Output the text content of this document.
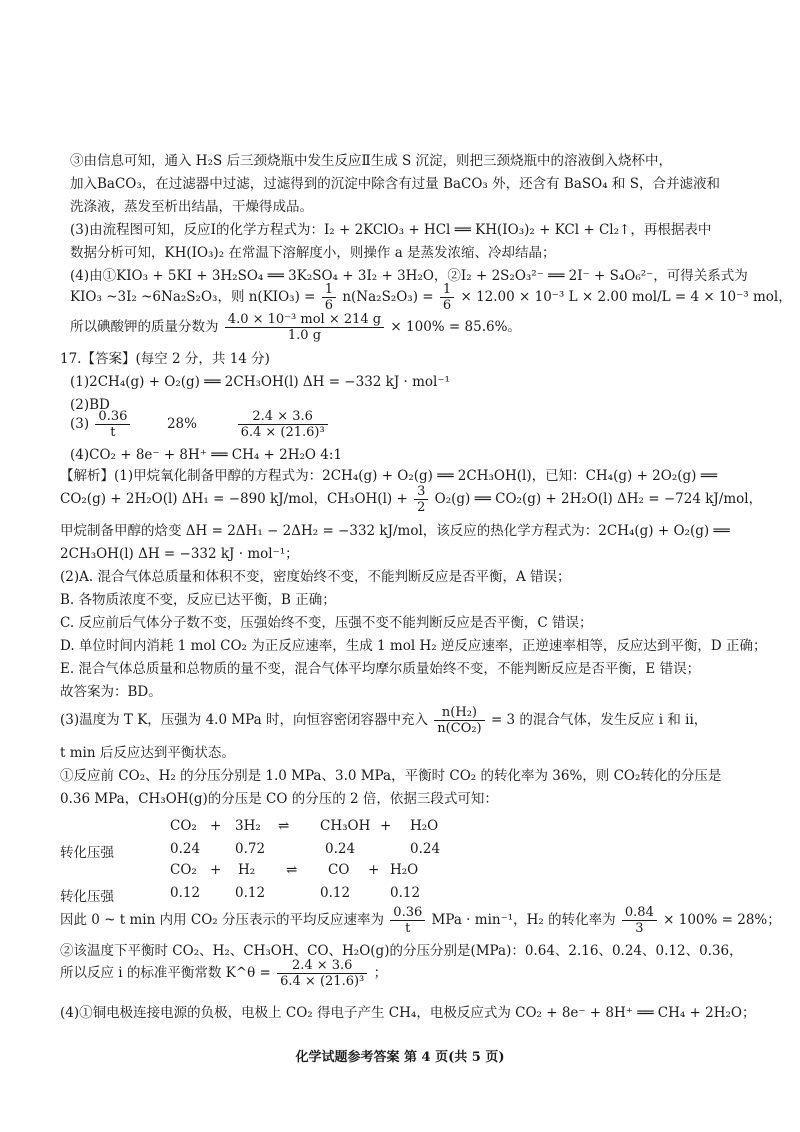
③由信息可知，通入 H₂S 后三颈烧瓶中发生反应Ⅱ生成 S 沉淀，则把三颈烧瓶中的溶液倒入烧杯中，
加入BaCO₃，在过滤器中过滤，过滤得到的沉淀中除含有过量 BaCO₃ 外，还含有 BaSO₄ 和 S，合并滤液和
洗涤液，蒸发至析出结晶，干燥得成品。
(3)由流程图可知，反应Ⅰ的化学方程式为：I₂ + 2KClO₃ + HCl ══ KH(IO₃)₂ + KCl + Cl₂↑，再根据表中
数据分析可知，KH(IO₃)₂ 在常温下溶解度小，则操作 a 是蒸发浓缩、冷却结晶；
(4)由①KIO₃ + 5KI + 3H₂SO₄ ══ 3K₂SO₄ + 3I₂ + 3H₂O，②I₂ + 2S₂O₃²⁻ ══ 2I⁻ + S₄O₆²⁻，可得关系式为
KIO₃ ~3I₂ ~6Na₂S₂O₃，则 $n(KIO_3) = \frac{1}{6} n(Na_2S_2O_3) = \frac{1}{6} \times 12.00 \times 10^{-3}$ L × 2.00 mol/L = 4 × 10⁻³ mol，
所以碘酸钾的质量分数为 $\frac{\text{4.0 × 10⁻³ mol × 214 g}}{1.0 g} \times 100\% = 85.6\%$。
17.【答案】(每空 2 分，共 14 分)
(1)2CH₄(g) + O₂(g) ══ 2CH₃OH(l) ΔH = −332 kJ · mol⁻¹
(2)BD
$(3) \frac{0.36}{t}$	28%	$\frac{2.4 \times 3.6}{\text{6.4 × (21.6)³}}$
(4)CO₂ + 8e⁻ + 8H⁺ ══ CH₄ + 2H₂O 4:1
【解析】(1)甲烷氧化制备甲醇的方程式为：2CH₄(g) + O₂(g) ══ 2CH₃OH(l)，已知：CH₄(g) + 2O₂(g) ══
CO₂(g) + 2H₂O(l) ΔH₁ = −890 kJ/mol，$CH_3OH(l) + \frac{3}{2} O_2(g)$ ══ CO₂(g) + 2H₂O(l) ΔH₂ = −724 kJ/mol，
甲烷制备甲醇的焓变 ΔH = 2ΔH₁ − 2ΔH₂ = −332 kJ/mol，该反应的热化学方程式为：2CH₄(g) + O₂(g) ══
2CH₃OH(l) ΔH = −332 kJ · mol⁻¹；
(2)A. 混合气体总质量和体积不变，密度始终不变，不能判断反应是否平衡，A 错误；
B. 各物质浓度不变，反应已达平衡，B 正确；
C. 反应前后气体分子数不变，压强始终不变，压强不变不能判断反应是否平衡，C 错误；
D. 单位时间内消耗 1 mol CO₂ 为正反应速率，生成 1 mol H₂ 逆反应速率，正逆速率相等，反应达到平衡，D 正确；
E. 混合气体总质量和总物质的量不变，混合气体平均摩尔质量始终不变，不能判断反应是否平衡，E 错误；
故答案为：BD。
(3)温度为 T K，压强为 4.0 MPa 时，向恒容密闭容器中充入 $\frac{\text{n(H₂)}}{\text{n(CO₂)}} = 3$ 的混合气体，发生反应 ⅰ 和 ⅱ，
t min 后反应达到平衡状态。
①反应前 CO₂、H₂ 的分压分别是 1.0 MPa、3.0 MPa，平衡时 CO₂ 的转化率为 36%，则 CO₂转化的分压是
0.36 MPa，CH₃OH(g)的分压是 CO 的分压的 2 倍，依据三段式可知：
CO₂ + 3H₂ ⇌ CH₃OH + H₂O
转化压强	0.24	0.72	0.24	0.24
CO₂ + H₂ ⇌ CO + H₂O
转化压强	0.12	0.12	0.12	0.12
因此 0 ~ t min 内用 CO₂ 分压表示的平均反应速率为 $\frac{0.36}{t}$ MPa · min⁻¹，H₂ 的转化率为 $\frac{0.84}{3} \times 100\% = 28\%$；
②该温度下平衡时 CO₂、H₂、CH₃OH、CO、H₂O(g)的分压分别是(MPa)：0.64、2.16、0.24、0.12、0.36，
所以反应 ⅰ 的标准平衡常数 K^θ = $\frac{2.4 \times 3.6}{\text{6.4 × (21.6)³}}$ ；
(4)①铜电极连接电源的负极，电极上 CO₂ 得电子产生 CH₄，电极反应式为 CO₂ + 8e⁻ + 8H⁺ ══ CH₄ + 2H₂O；
化学试题参考答案 第 4 页(共 5 页)
